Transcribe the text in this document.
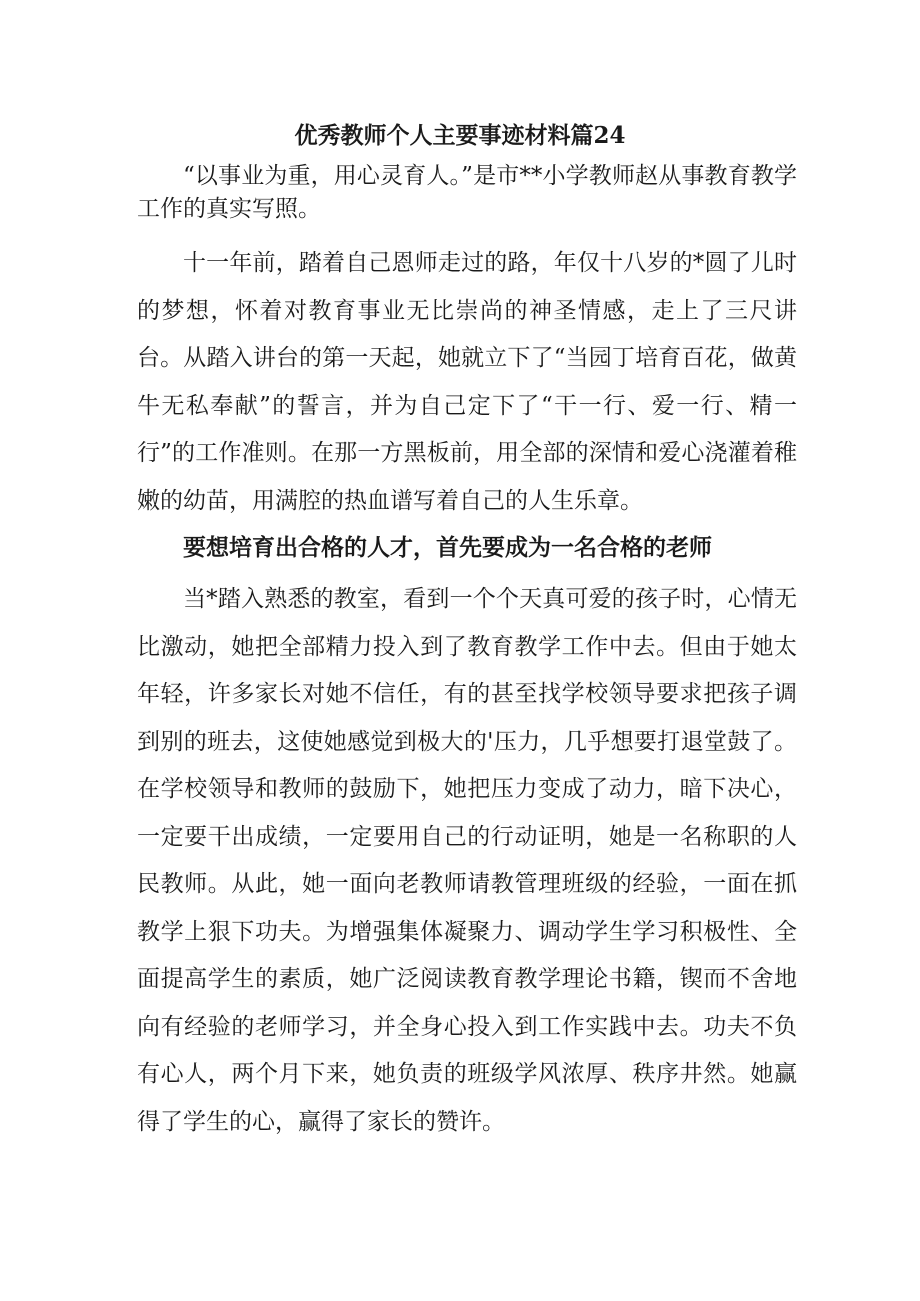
优秀教师个人主要事迹材料篇24

“以事业为重，用心灵育人。”是市**小学教师赵从事教育教学工作的真实写照。

十一年前，踏着自己恩师走过的路，年仅十八岁的*圆了儿时的梦想，怀着对教育事业无比崇尚的神圣情感，走上了三尺讲台。从踏入讲台的第一天起，她就立下了“当园丁培育百花，做黄牛无私奉献”的誓言，并为自己定下了“干一行、爱一行、精一行”的工作准则。在那一方黑板前，用全部的深情和爱心浇灌着稚嫩的幼苗，用满腔的热血谱写着自己的人生乐章。

要想培育出合格的人才，首先要成为一名合格的老师

当*踏入熟悉的教室，看到一个个天真可爱的孩子时，心情无比激动，她把全部精力投入到了教育教学工作中去。但由于她太年轻，许多家长对她不信任，有的甚至找学校领导要求把孩子调到别的班去，这使她感觉到极大的'压力，几乎想要打退堂鼓了。在学校领导和教师的鼓励下，她把压力变成了动力，暗下决心，一定要干出成绩，一定要用自己的行动证明，她是一名称职的人民教师。从此，她一面向老教师请教管理班级的经验，一面在抓教学上狠下功夫。为增强集体凝聚力、调动学生学习积极性、全面提高学生的素质，她广泛阅读教育教学理论书籍，锲而不舍地向有经验的老师学习，并全身心投入到工作实践中去。功夫不负有心人，两个月下来，她负责的班级学风浓厚、秩序井然。她赢得了学生的心，赢得了家长的赞许。
